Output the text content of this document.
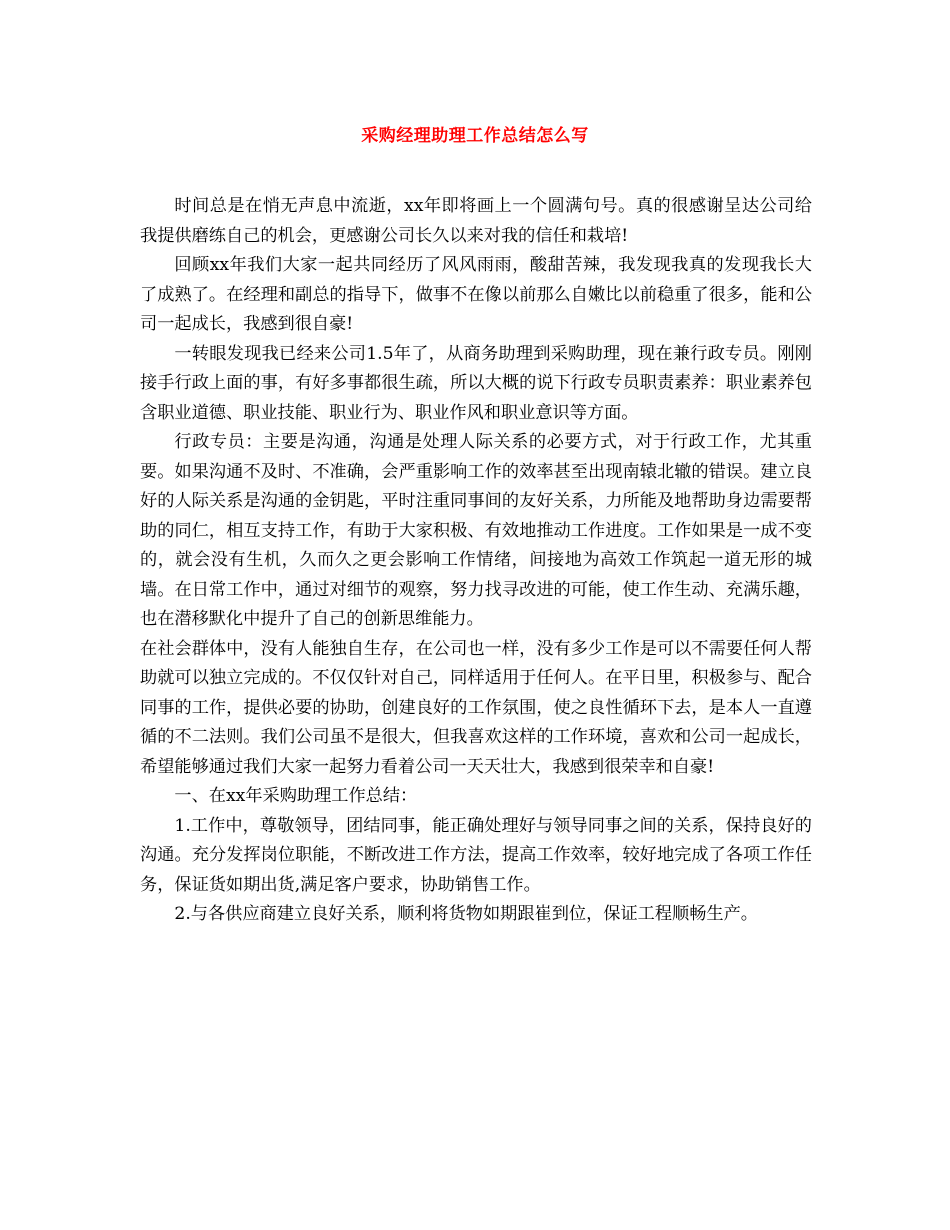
采购经理助理工作总结怎么写

时间总是在悄无声息中流逝，xx年即将画上一个圆满句号。真的很感谢呈达公司给我提供磨练自己的机会，更感谢公司长久以来对我的信任和栽培!

回顾xx年我们大家一起共同经历了风风雨雨，酸甜苦辣，我发现我真的发现我长大了成熟了。在经理和副总的指导下，做事不在像以前那么自嫩比以前稳重了很多，能和公司一起成长，我感到很自豪!

一转眼发现我已经来公司1.5年了，从商务助理到采购助理，现在兼行政专员。刚刚接手行政上面的事，有好多事都很生疏，所以大概的说下行政专员职责素养：职业素养包含职业道德、职业技能、职业行为、职业作风和职业意识等方面。

行政专员：主要是沟通，沟通是处理人际关系的必要方式，对于行政工作，尤其重要。如果沟通不及时、不准确，会严重影响工作的效率甚至出现南辕北辙的错误。建立良好的人际关系是沟通的金钥匙，平时注重同事间的友好关系，力所能及地帮助身边需要帮助的同仁，相互支持工作，有助于大家积极、有效地推动工作进度。工作如果是一成不变的，就会没有生机，久而久之更会影响工作情绪，间接地为高效工作筑起一道无形的城墙。在日常工作中，通过对细节的观察，努力找寻改进的可能，使工作生动、充满乐趣，也在潜移默化中提升了自己的创新思维能力。

在社会群体中，没有人能独自生存，在公司也一样，没有多少工作是可以不需要任何人帮助就可以独立完成的。不仅仅针对自己，同样适用于任何人。在平日里，积极参与、配合同事的工作，提供必要的协助，创建良好的工作氛围，使之良性循环下去，是本人一直遵循的不二法则。我们公司虽不是很大，但我喜欢这样的工作环境，喜欢和公司一起成长，希望能够通过我们大家一起努力看着公司一天天壮大，我感到很荣幸和自豪!

一、在xx年采购助理工作总结：

1.工作中，尊敬领导，团结同事，能正确处理好与领导同事之间的关系，保持良好的沟通。充分发挥岗位职能，不断改进工作方法，提高工作效率，较好地完成了各项工作任务，保证货如期出货,满足客户要求，协助销售工作。

2.与各供应商建立良好关系，顺利将货物如期跟崔到位，保证工程顺畅生产。
